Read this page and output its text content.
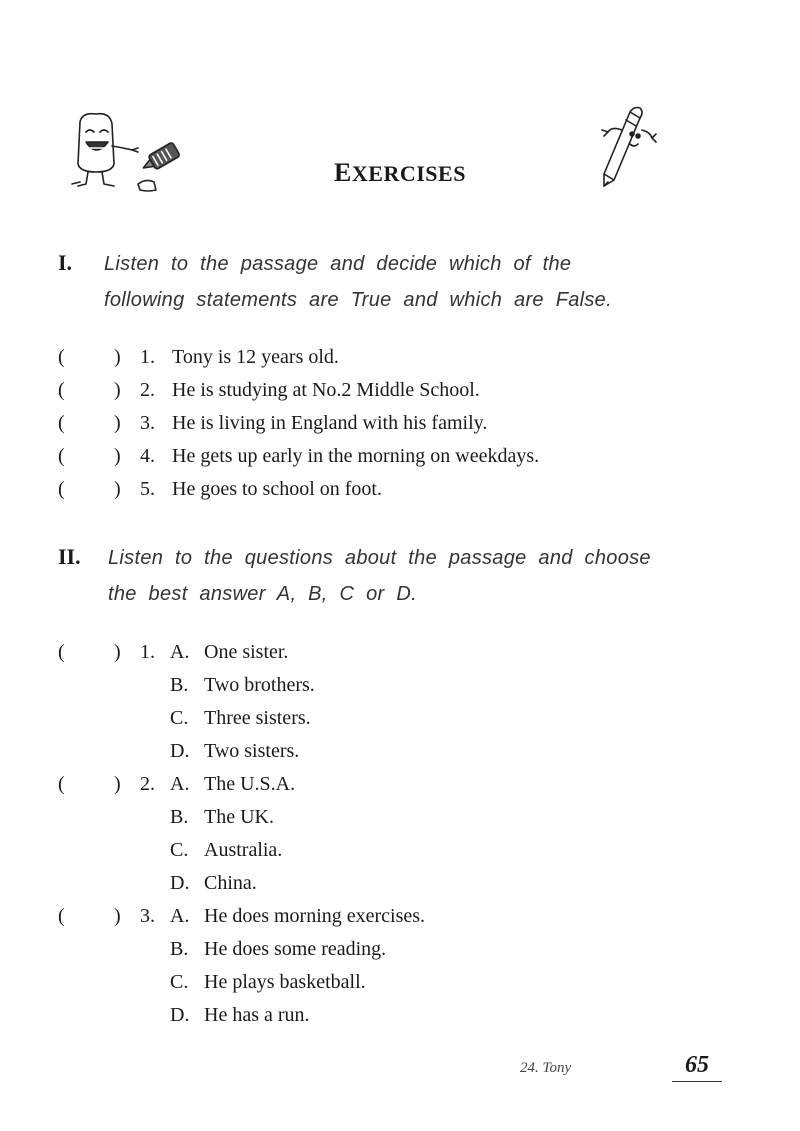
EXERCISES
I. Listen to the passage and decide which of the
following statements are True and which are False.
( ) 1. Tony is 12 years old.
( ) 2. He is studying at No.2 Middle School.
( ) 3. He is living in England with his family.
( ) 4. He gets up early in the morning on weekdays.
( ) 5. He goes to school on foot.
II. Listen to the questions about the passage and choose
the best answer A, B, C or D.
( ) 1. A. One sister.
B. Two brothers.
C. Three sisters.
D. Two sisters.
( ) 2. A. The U.S.A.
B. The UK.
C. Australia.
D. China.
( ) 3. A. He does morning exercises.
B. He does some reading.
C. He plays basketball.
D. He has a run.
24. Tony	65
